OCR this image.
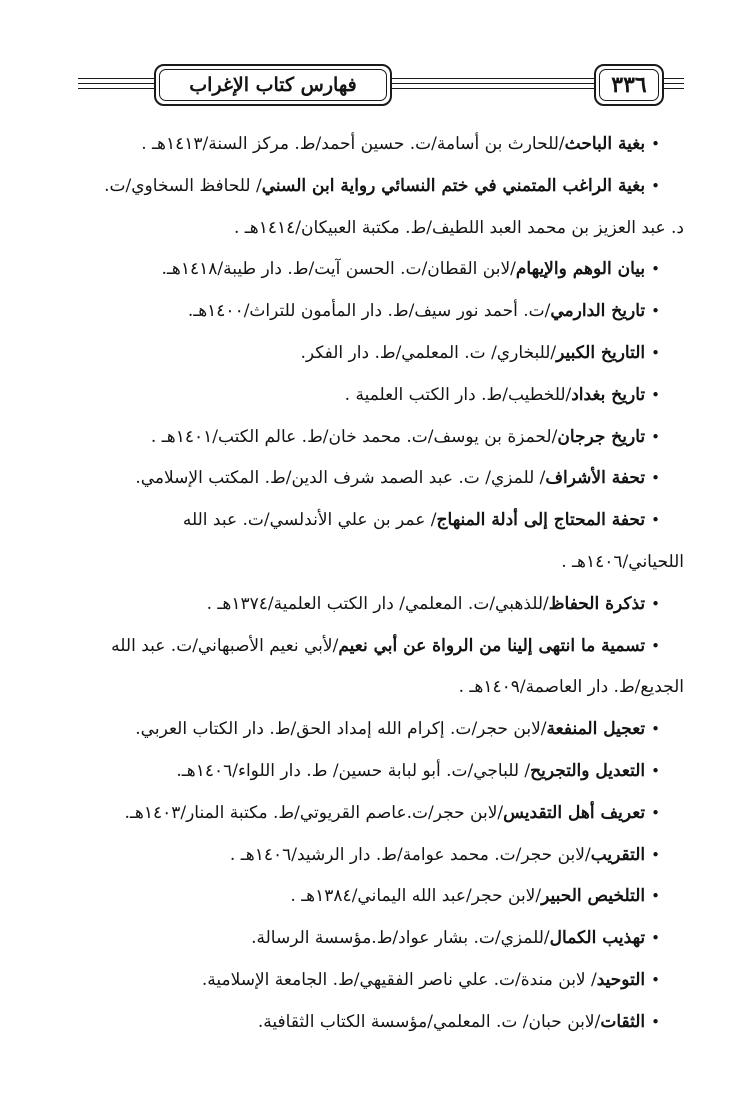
فهارس كتاب الإغراب	٣٣٦
•بغية الباحث/للحارث بن أسامة/ت. حسين أحمد/ط. مركز السنة/١٤١٣هـ .
•بغية الراغب المتمني في ختم النسائي رواية ابن السني/ للحافظ السخاوي/ت.
د. عبد العزيز بن محمد العبد اللطيف/ط. مكتبة العبيكان/١٤١٤هـ .
•بيان الوهم والإيهام/لابن القطان/ت. الحسن آيت/ط. دار طيبة/١٤١٨هـ.
•تاريخ الدارمي/ت. أحمد نور سيف/ط. دار المأمون للتراث/١٤٠٠هـ.
•التاريخ الكبير/للبخاري/ ت. المعلمي/ط. دار الفكر.
•تاريخ بغداد/للخطيب/ط. دار الكتب العلمية .
•تاريخ جرجان/لحمزة بن يوسف/ت. محمد خان/ط. عالم الكتب/١٤٠١هـ .
•تحفة الأشراف/ للمزي/ ت. عبد الصمد شرف الدين/ط. المكتب الإسلامي.
•تحفة المحتاج إلى أدلة المنهاج/ عمر بن علي الأندلسي/ت. عبد الله
اللحياني/١٤٠٦هـ .
•تذكرة الحفاظ/للذهبي/ت. المعلمي/ دار الكتب العلمية/١٣٧٤هـ .
•تسمية ما انتهى إلينا من الرواة عن أبي نعيم/لأبي نعيم الأصبهاني/ت. عبد الله
الجديع/ط. دار العاصمة/١٤٠٩هـ .
•تعجيل المنفعة/لابن حجر/ت. إكرام الله إمداد الحق/ط. دار الكتاب العربي.
•التعديل والتجريح/ للباجي/ت. أبو لبابة حسين/ ط. دار اللواء/١٤٠٦هـ.
•تعريف أهل التقديس/لابن حجر/ت.عاصم القريوتي/ط. مكتبة المنار/١٤٠٣هـ.
•التقريب/لابن حجر/ت. محمد عوامة/ط. دار الرشيد/١٤٠٦هـ .
•التلخيص الحبير/لابن حجر/عبد الله اليماني/١٣٨٤هـ .
•تهذيب الكمال/للمزي/ت. بشار عواد/ط.مؤسسة الرسالة.
•التوحيد/ لابن مندة/ت. علي ناصر الفقيهي/ط. الجامعة الإسلامية.
•الثقات/لابن حبان/ ت. المعلمي/مؤسسة الكتاب الثقافية.
